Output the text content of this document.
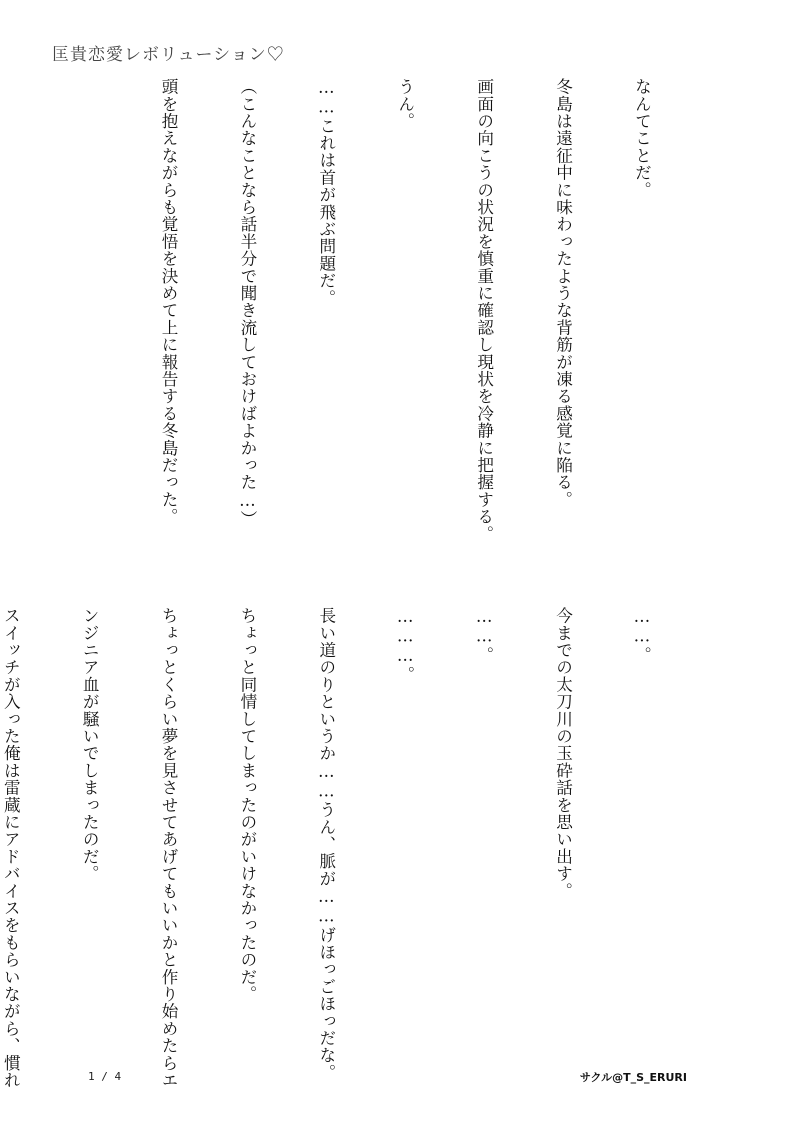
匡貴恋愛レボリューション♡

なんてことだ。

冬島は遠征中に味わったような背筋が凍る感覚に陥る。

画面の向こうの状況を慎重に確認し現状を冷静に把握する。

うん。

……これは首が飛ぶ問題だ。

（こんなことなら話半分で聞き流しておけばよかった…）

頭を抱えながらも覚悟を決めて上に報告する冬島だった。

……。

今までの太刀川の玉砕話を思い出す。

……。

………。

長い道のりというか……うん、脈が……げほっごほっだな。

ちょっと同情してしまったのがいけなかったのだ。

ちょっとくらい夢を見させてあげてもいいかと作り始めたらエ

ンジニア血が騒いでしまったのだ。

スイッチが入った俺は雷蔵にアドバイスをもらいながら、慣れ

	1 / 4	サクル@T_S_ERURI
